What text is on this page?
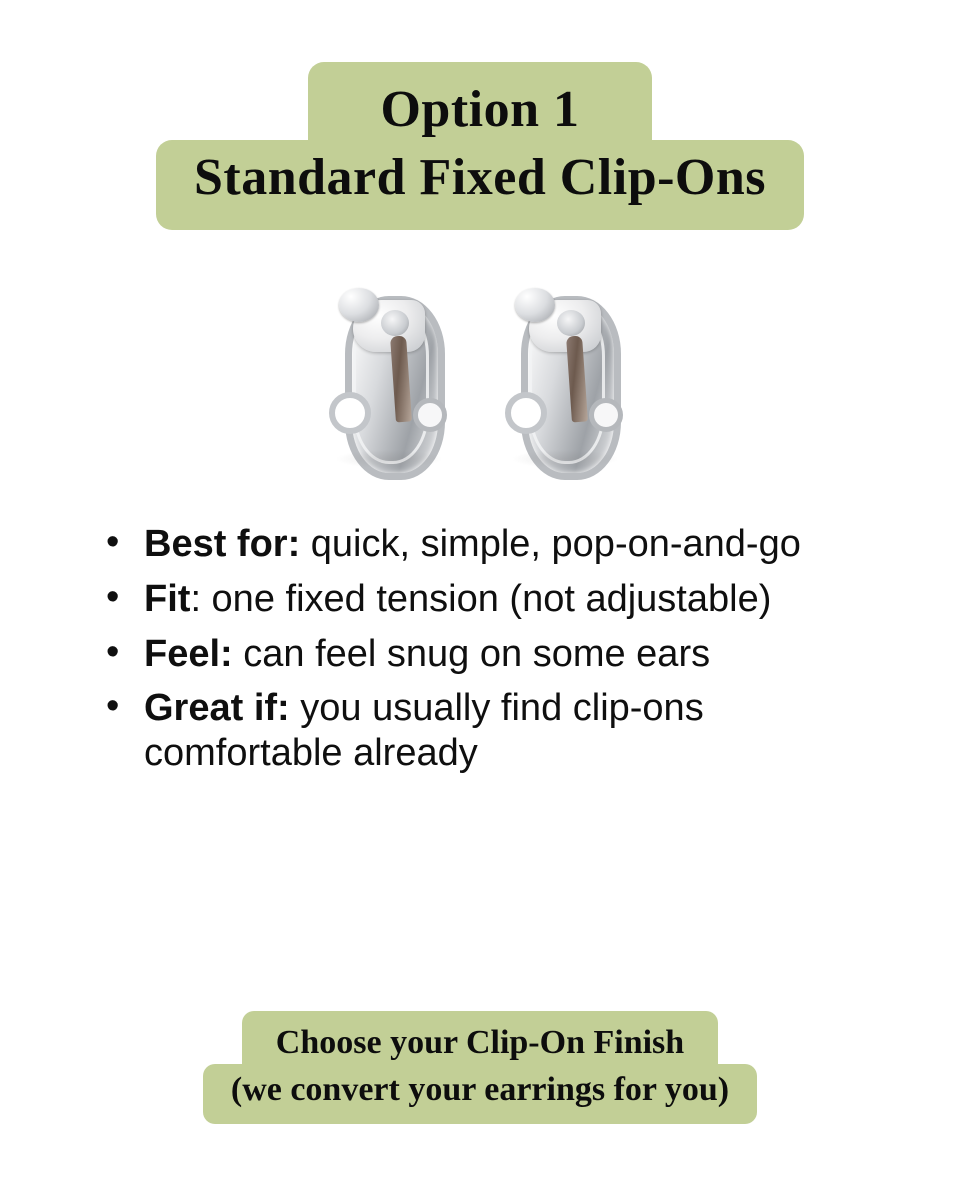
Option 1
Standard Fixed Clip-Ons
• Best for: quick, simple, pop-on-and-go
• Fit: one fixed tension (not adjustable)
• Feel: can feel snug on some ears
• Great if: you usually find clip-ons comfortable already
Choose your Clip-On Finish
(we convert your earrings for you)
